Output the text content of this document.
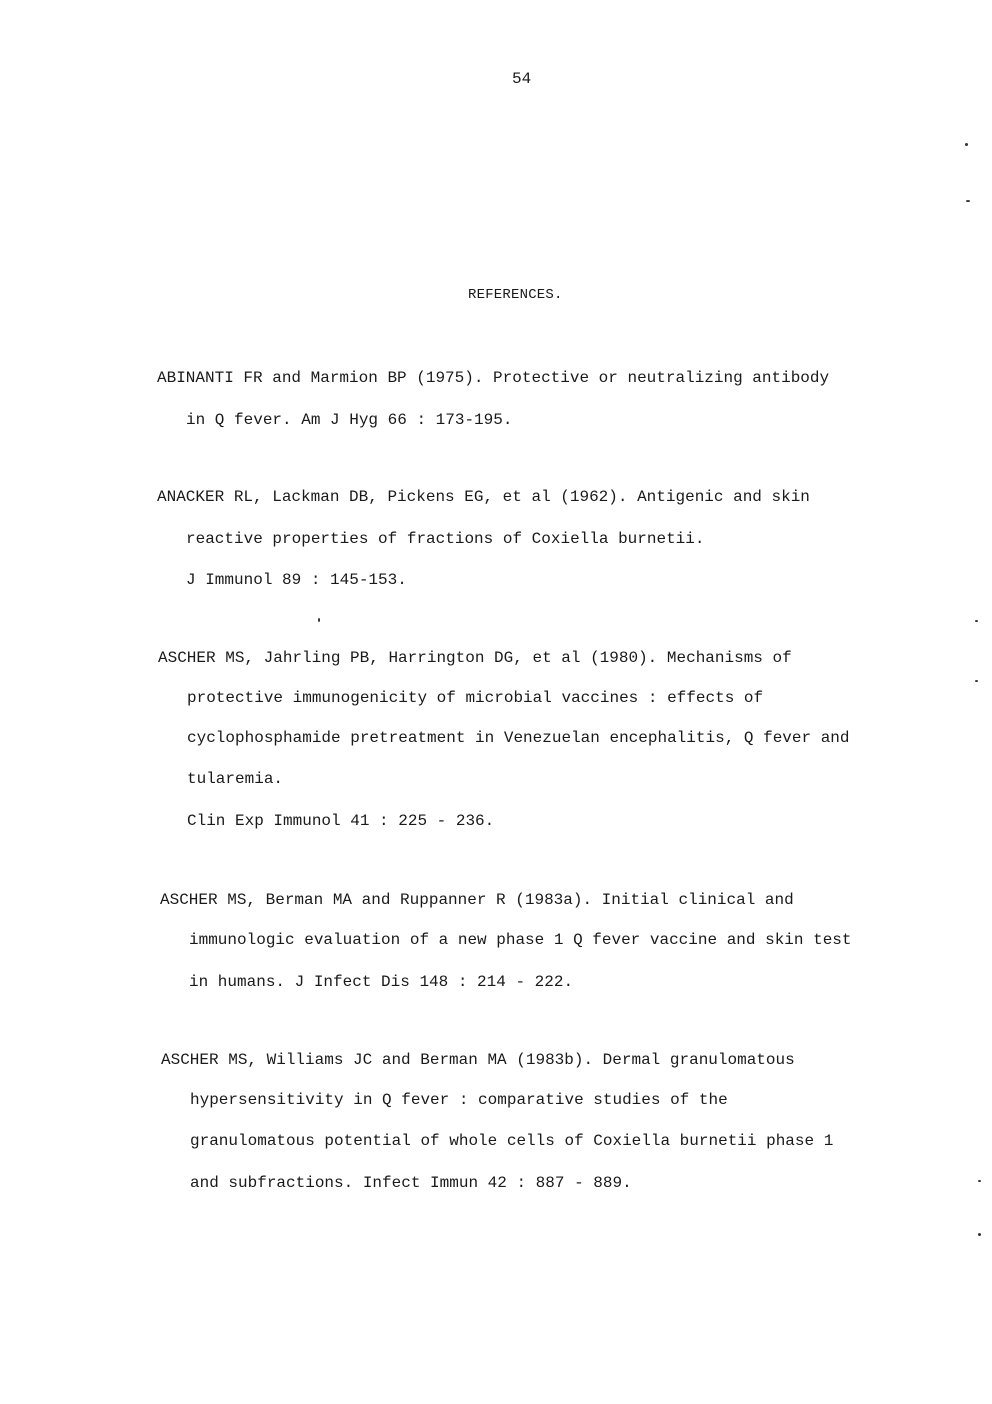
54
REFERENCES.
ABINANTI FR and Marmion BP (1975). Protective or neutralizing antibody
in Q fever. Am J Hyg 66 : 173-195.
ANACKER RL, Lackman DB, Pickens EG, et al (1962). Antigenic and skin
reactive properties of fractions of Coxiella burnetii.
J Immunol 89 : 145-153.
ASCHER MS, Jahrling PB, Harrington DG, et al (1980). Mechanisms of
protective immunogenicity of microbial vaccines : effects of
cyclophosphamide pretreatment in Venezuelan encephalitis, Q fever and
tularemia.
Clin Exp Immunol 41 : 225 - 236.
ASCHER MS, Berman MA and Ruppanner R (1983a). Initial clinical and
immunologic evaluation of a new phase 1 Q fever vaccine and skin test
in humans. J Infect Dis 148 : 214 - 222.
ASCHER MS, Williams JC and Berman MA (1983b). Dermal granulomatous
hypersensitivity in Q fever : comparative studies of the
granulomatous potential of whole cells of Coxiella burnetii phase 1
and subfractions. Infect Immun 42 : 887 - 889.
